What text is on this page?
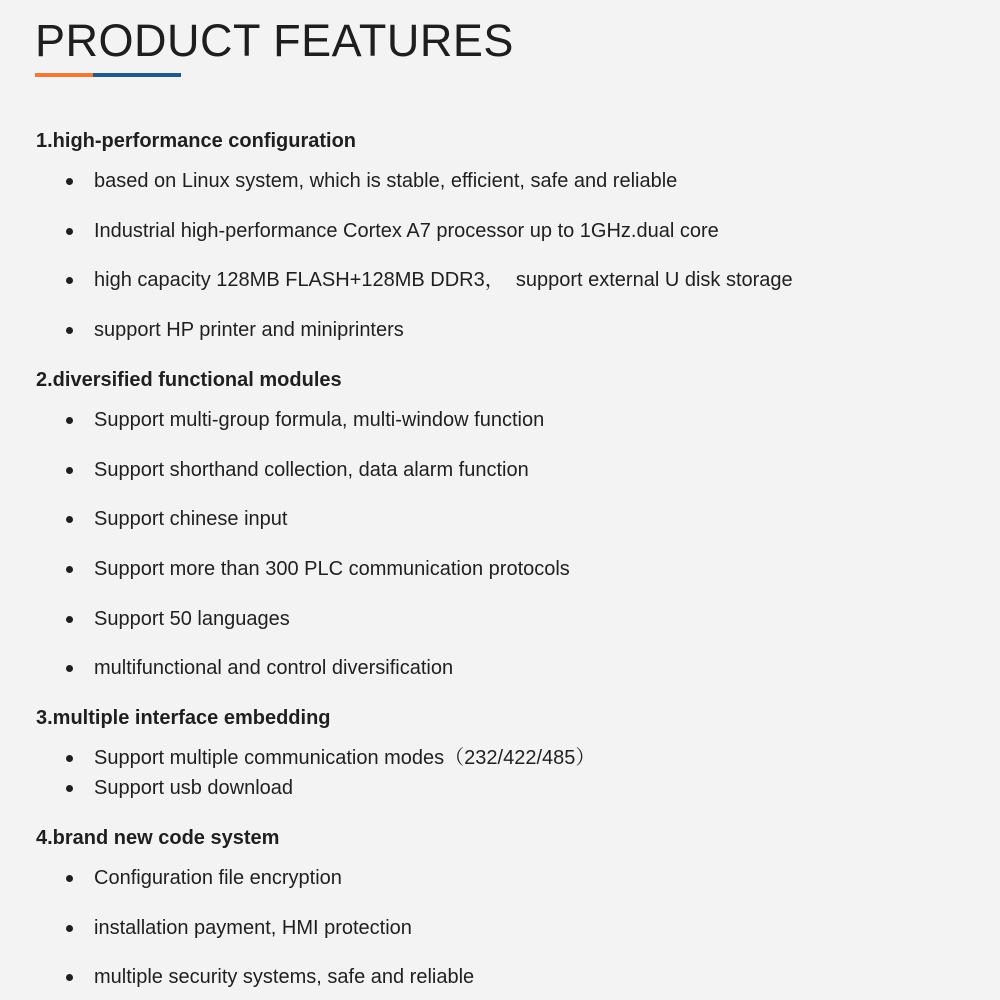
PRODUCT FEATURES
1.high-performance configuration
based on Linux system, which is stable, efficient, safe and reliable
Industrial high-performance Cortex A7 processor up to 1GHz.dual core
high capacity 128MB FLASH+128MB DDR3，  support external U disk storage
support HP printer and miniprinters
2.diversified functional modules
Support multi-group formula, multi-window function
Support shorthand collection, data alarm function
Support chinese input
Support more than 300 PLC communication protocols
Support 50 languages
multifunctional and control diversification
3.multiple interface embedding
Support multiple communication modes（232/422/485）
Support usb download
4.brand new code system
Configuration file encryption
installation payment, HMI protection
multiple security systems, safe and reliable
